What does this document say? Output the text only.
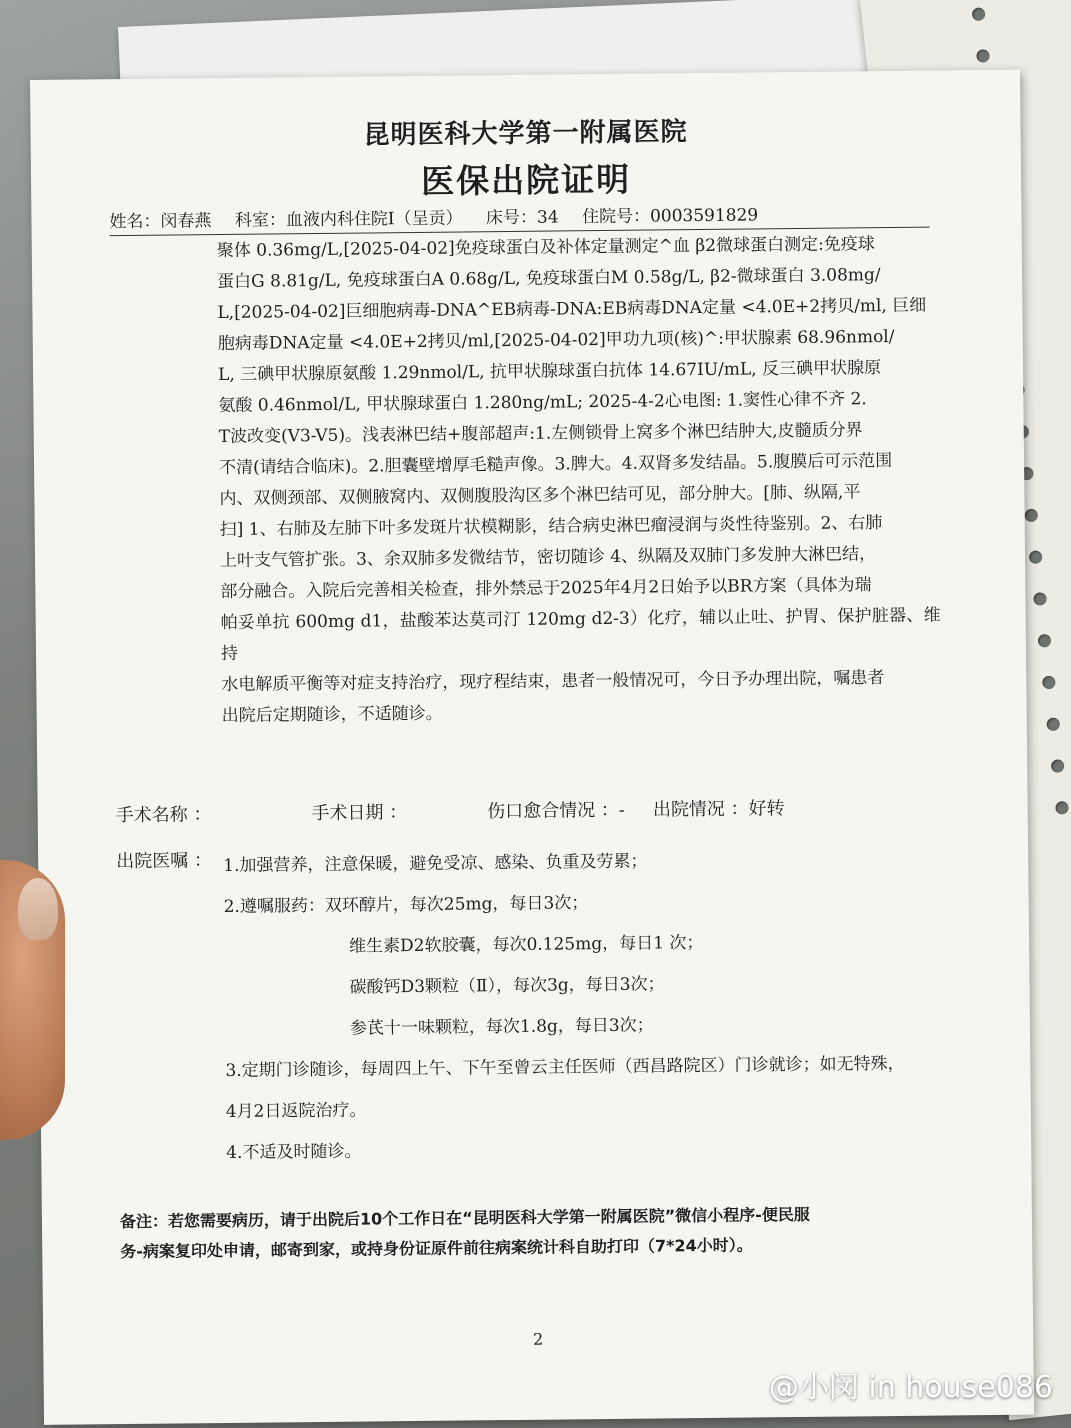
昆明医科大学第一附属医院
医保出院证明
姓名：闵春燕 科室：血液内科住院Ⅰ（呈贡） 床号：34 住院号：0003591829

聚体 0.36mg/L,[2025-04-02]免疫球蛋白及补体定量测定^血 β2微球蛋白测定:免疫球

蛋白G 8.81g/L, 免疫球蛋白A 0.68g/L, 免疫球蛋白M 0.58g/L, β2-微球蛋白 3.08mg/

L,[2025-04-02]巨细胞病毒-DNA^EB病毒-DNA:EB病毒DNA定量 <4.0E+2拷贝/ml, 巨细

胞病毒DNA定量 <4.0E+2拷贝/ml,[2025-04-02]甲功九项(核)^:甲状腺素 68.96nmol/

L, 三碘甲状腺原氨酸 1.29nmol/L, 抗甲状腺球蛋白抗体 14.67IU/mL, 反三碘甲状腺原

氨酸 0.46nmol/L, 甲状腺球蛋白 1.280ng/mL; 2025-4-2心电图: 1.窦性心律不齐 2.

T波改变(V3-V5)。浅表淋巴结+腹部超声:1.左侧锁骨上窝多个淋巴结肿大,皮髓质分界

不清(请结合临床)。2.胆囊壁增厚毛糙声像。3.脾大。4.双肾多发结晶。5.腹膜后可示范围

内、双侧颈部、双侧腋窝内、双侧腹股沟区多个淋巴结可见，部分肿大。[肺、纵隔,平

扫] 1、右肺及左肺下叶多发斑片状模糊影，结合病史淋巴瘤浸润与炎性待鉴别。2、右肺

上叶支气管扩张。3、余双肺多发微结节，密切随诊 4、纵隔及双肺门多发肿大淋巴结，

部分融合。入院后完善相关检查，排外禁忌于2025年4月2日始予以BR方案（具体为瑞

帕妥单抗 600mg d1，盐酸苯达莫司汀 120mg d2-3）化疗，辅以止吐、护胃、保护脏器、维持

水电解质平衡等对症支持治疗，现疗程结束，患者一般情况可，今日予办理出院，嘱患者

出院后定期随诊，不适随诊。

手术名称 ：	手术日期 ：	伤口愈合情况 ：- 出院情况 ：好转
出院医嘱 ： 1.加强营养，注意保暖，避免受凉、感染、负重及劳累；
2.遵嘱服药：双环醇片，每次25mg，每日3次；
维生素D2软胶囊，每次0.125mg，每日1 次；
碳酸钙D3颗粒（Ⅱ），每次3g，每日3次；
参芪十一味颗粒，每次1.8g，每日3次；
3.定期门诊随诊，每周四上午、下午至曾云主任医师（西昌路院区）门诊就诊；如无特殊，
4月2日返院治疗。
4.不适及时随诊。
备注：若您需要病历，请于出院后10个工作日在“昆明医科大学第一附属医院”微信小程序-便民服
务-病案复印处申请，邮寄到家，或持身份证原件前往病案统计科自助打印（7*24小时）。
2
@小闵 in house086
